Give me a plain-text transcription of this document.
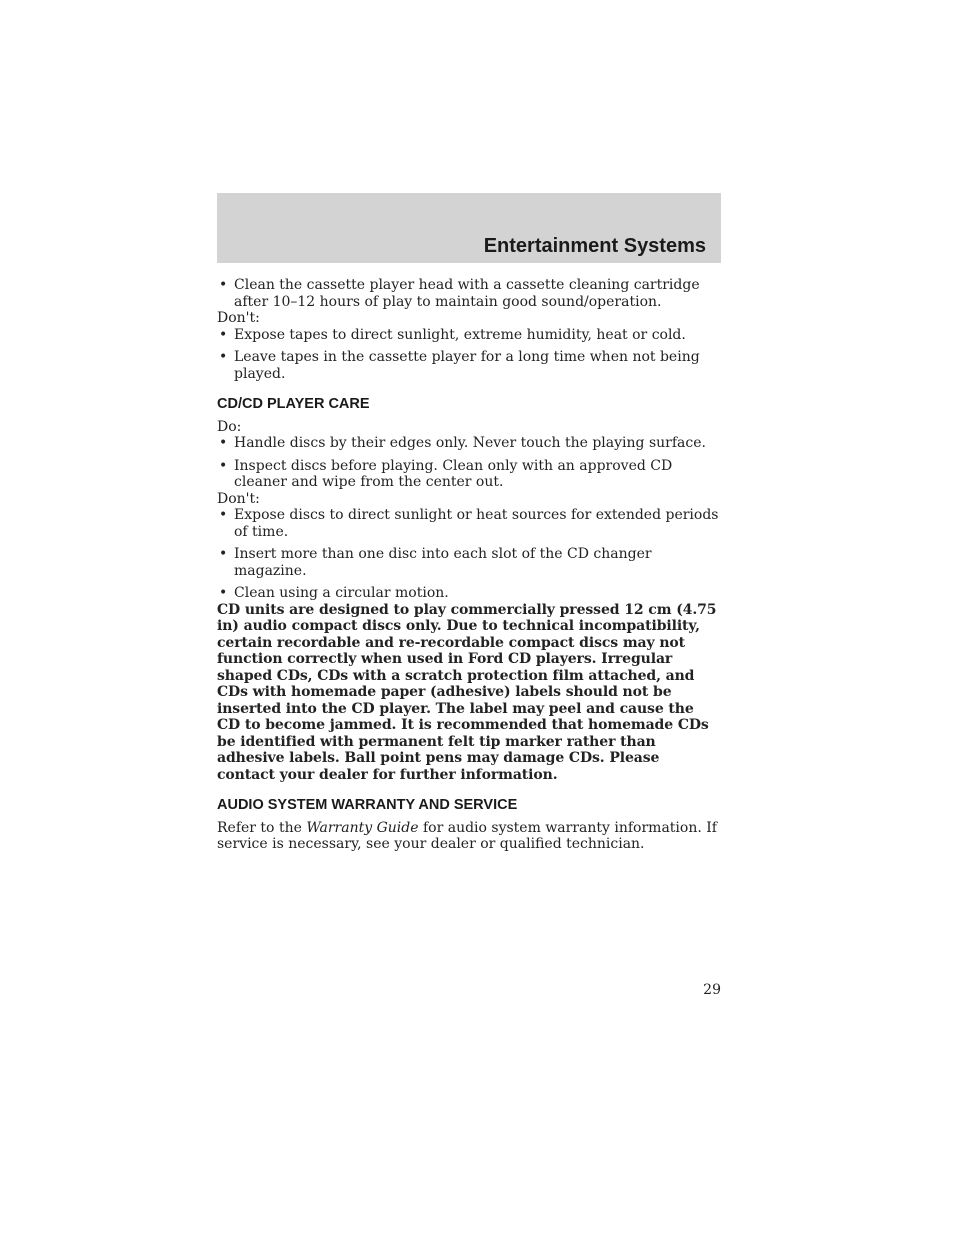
Entertainment Systems
• Clean the cassette player head with a cassette cleaning cartridge after 10–12 hours of play to maintain good sound/operation.

Don't:

• Expose tapes to direct sunlight, extreme humidity, heat or cold.
• Leave tapes in the cassette player for a long time when not being played.
CD/CD PLAYER CARE

Do:

• Handle discs by their edges only. Never touch the playing surface.
• Inspect discs before playing. Clean only with an approved CD cleaner and wipe from the center out.

Don't:

• Expose discs to direct sunlight or heat sources for extended periods of time.
• Insert more than one disc into each slot of the CD changer magazine.
• Clean using a circular motion.

CD units are designed to play commercially pressed 12 cm (4.75 in) audio compact discs only. Due to technical incompatibility, certain recordable and re-recordable compact discs may not function correctly when used in Ford CD players. Irregular shaped CDs, CDs with a scratch protection film attached, and CDs with homemade paper (adhesive) labels should not be inserted into the CD player. The label may peel and cause the CD to become jammed. It is recommended that homemade CDs be identified with permanent felt tip marker rather than adhesive labels. Ball point pens may damage CDs. Please contact your dealer for further information.

AUDIO SYSTEM WARRANTY AND SERVICE

Refer to the Warranty Guide for audio system warranty information. If service is necessary, see your dealer or qualified technician.

29
